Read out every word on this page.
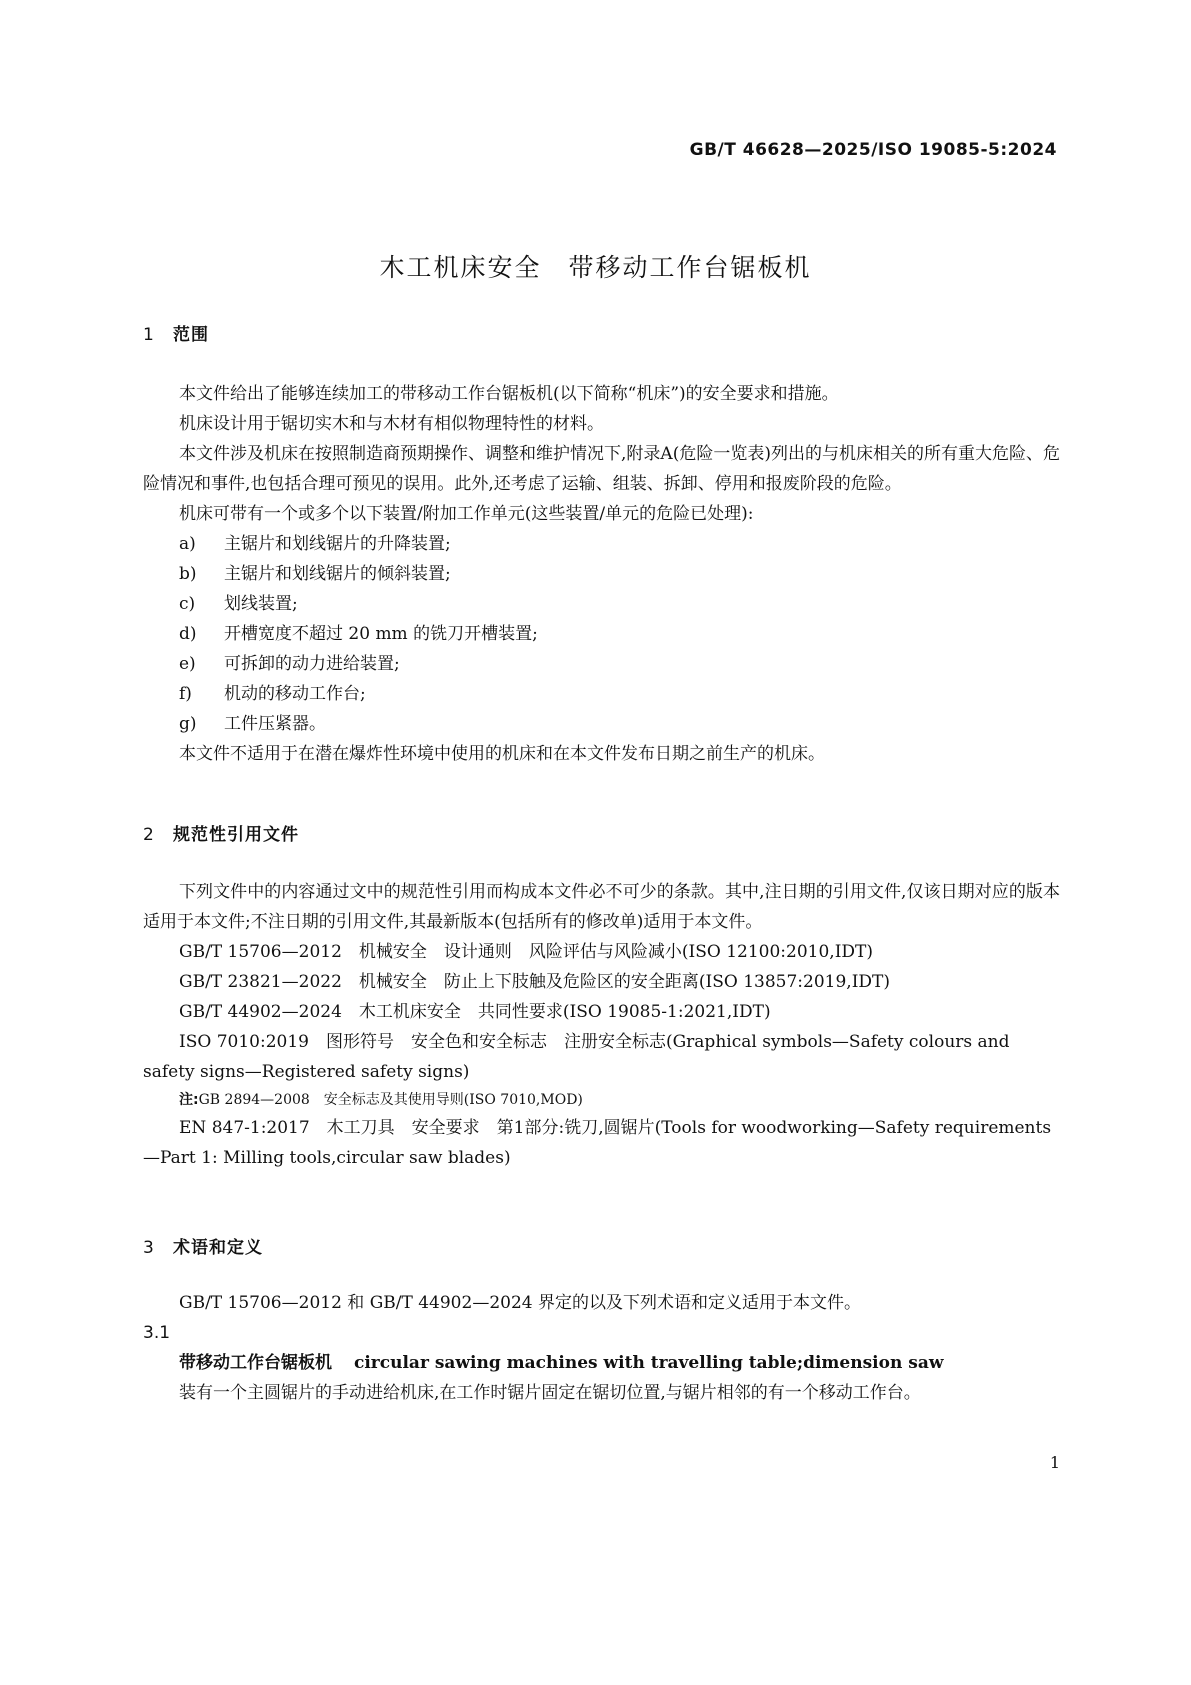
GB/T 46628—2025/ISO 19085-5:2024
木工机床安全　带移动工作台锯板机
1 范围

本文件给出了能够连续加工的带移动工作台锯板机(以下简称“机床”)的安全要求和措施。

机床设计用于锯切实木和与木材有相似物理特性的材料。

本文件涉及机床在按照制造商预期操作、调整和维护情况下,附录A(危险一览表)列出的与机床相关的所有重大危险、危险情况和事件,也包括合理可预见的误用。此外,还考虑了运输、组装、拆卸、停用和报废阶段的危险。

机床可带有一个或多个以下装置/附加工作单元(这些装置/单元的危险已处理):

a) 主锯片和划线锯片的升降装置;
b) 主锯片和划线锯片的倾斜装置;
c) 划线装置;
d) 开槽宽度不超过 20 mm 的铣刀开槽装置;
e) 可拆卸的动力进给装置;
f) 机动的移动工作台;
g) 工件压紧器。

本文件不适用于在潜在爆炸性环境中使用的机床和在本文件发布日期之前生产的机床。

2 规范性引用文件

下列文件中的内容通过文中的规范性引用而构成本文件必不可少的条款。其中,注日期的引用文件,仅该日期对应的版本适用于本文件;不注日期的引用文件,其最新版本(包括所有的修改单)适用于本文件。

GB/T 15706—2012　机械安全　设计通则　风险评估与风险减小(ISO 12100:2010,IDT)

GB/T 23821—2022　机械安全　防止上下肢触及危险区的安全距离(ISO 13857:2019,IDT)

GB/T 44902—2024　木工机床安全　共同性要求(ISO 19085-1:2021,IDT)

ISO 7010:2019　图形符号　安全色和安全标志　注册安全标志(Graphical symbols—Safety colours and safety signs—Registered safety signs)

注:GB 2894—2008　安全标志及其使用导则(ISO 7010,MOD)

EN 847-1:2017　木工刀具　安全要求　第1部分:铣刀,圆锯片(Tools for woodworking—Safety requirements—Part 1: Milling tools,circular saw blades)

3 术语和定义

GB/T 15706—2012 和 GB/T 44902—2024 界定的以及下列术语和定义适用于本文件。

3.1

带移动工作台锯板机 circular sawing machines with travelling table;dimension saw

装有一个主圆锯片的手动进给机床,在工作时锯片固定在锯切位置,与锯片相邻的有一个移动工作台。

1
